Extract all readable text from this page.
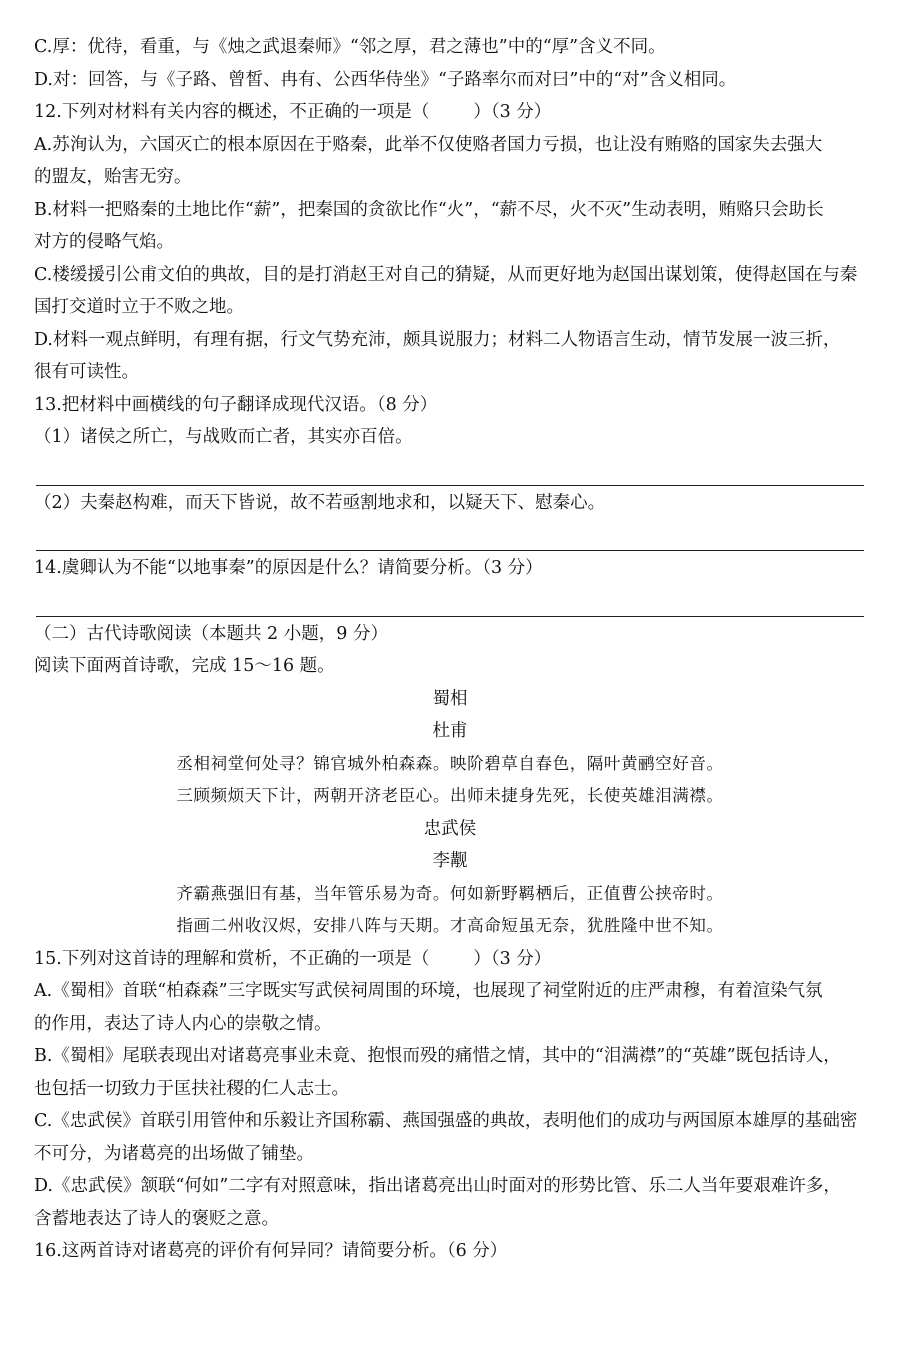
C.厚：优待，看重，与《烛之武退秦师》“邻之厚，君之薄也”中的“厚”含义不同。
D.对：回答，与《子路、曾皙、冉有、公西华侍坐》“子路率尔而对曰”中的“对”含义相同。
12.下列对材料有关内容的概述，不正确的一项是（	）（3 分）
A.苏洵认为，六国灭亡的根本原因在于赂秦，此举不仅使赂者国力亏损，也让没有贿赂的国家失去强大
的盟友，贻害无穷。
B.材料一把赂秦的土地比作“薪”，把秦国的贪欲比作“火”，“薪不尽，火不灭”生动表明，贿赂只会助长
对方的侵略气焰。
C.楼缓援引公甫文伯的典故，目的是打消赵王对自己的猜疑，从而更好地为赵国出谋划策，使得赵国在与秦
国打交道时立于不败之地。
D.材料一观点鲜明，有理有据，行文气势充沛，颇具说服力；材料二人物语言生动，情节发展一波三折，
很有可读性。
13.把材料中画横线的句子翻译成现代汉语。（8 分）
（1）诸侯之所亡，与战败而亡者，其实亦百倍。
（2）夫秦赵构难，而天下皆说，故不若亟割地求和，以疑天下、慰秦心。
14.虞卿认为不能“以地事秦”的原因是什么？请简要分析。（3 分）
（二）古代诗歌阅读（本题共 2 小题，9 分）
阅读下面两首诗歌，完成 15～16 题。
蜀相
杜甫
丞相祠堂何处寻？锦官城外柏森森。映阶碧草自春色，隔叶黄鹂空好音。
三顾频烦天下计，两朝开济老臣心。出师未捷身先死，长使英雄泪满襟。
忠武侯
李觏
齐霸燕强旧有基，当年管乐易为奇。何如新野羁栖后，正值曹公挟帝时。
指画二州收汉烬，安排八阵与天期。才高命短虽无奈，犹胜隆中世不知。
15.下列对这首诗的理解和赏析，不正确的一项是（	）（3 分）
A.《蜀相》首联“柏森森”三字既实写武侯祠周围的环境，也展现了祠堂附近的庄严肃穆，有着渲染气氛
的作用，表达了诗人内心的崇敬之情。
B.《蜀相》尾联表现出对诸葛亮事业未竟、抱恨而殁的痛惜之情，其中的“泪满襟”的“英雄”既包括诗人，
也包括一切致力于匡扶社稷的仁人志士。
C.《忠武侯》首联引用管仲和乐毅让齐国称霸、燕国强盛的典故，表明他们的成功与两国原本雄厚的基础密
不可分，为诸葛亮的出场做了铺垫。
D.《忠武侯》颔联“何如”二字有对照意味，指出诸葛亮出山时面对的形势比管、乐二人当年要艰难许多，
含蓄地表达了诗人的褒贬之意。
16.这两首诗对诸葛亮的评价有何异同？请简要分析。（6 分）
